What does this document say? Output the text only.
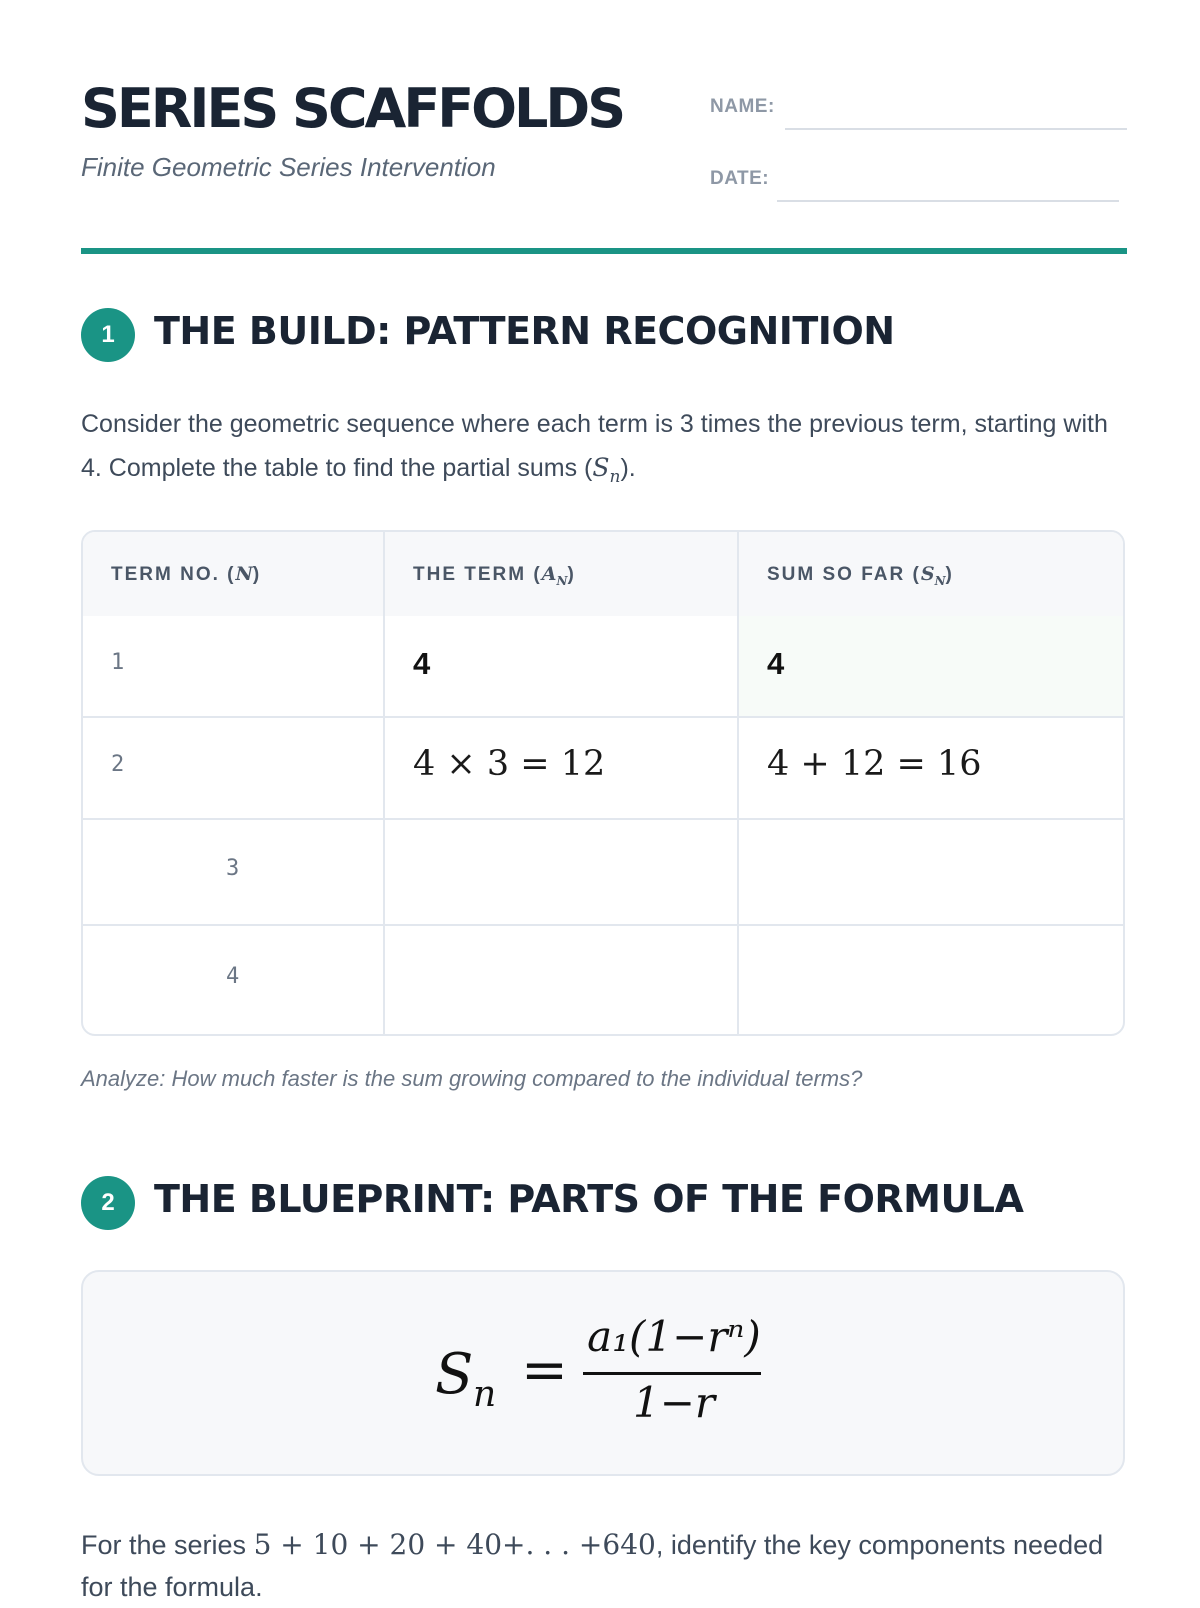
SERIES SCAFFOLDS
Finite Geometric Series Intervention
NAME:
DATE:
1	THE BUILD: PATTERN RECOGNITION
Consider the geometric sequence where each term is 3 times the previous term, starting with 4. Complete the table to find the partial sums $(S_n)$.
TERM NO. (N)	THE TERM $(A_N)$	SUM SO FAR $(S_N)$
1	4	4
2	4 × 3 = 12	4 + 12 = 16
3
4
Analyze: How much faster is the sum growing compared to the individual terms?
2	THE BLUEPRINT: PARTS OF THE FORMULA
S n =
a₁(1−rⁿ)
1−r
For the series 5 + 10 + 20 + 40+. . . +640, identify the key components needed for the formula.
